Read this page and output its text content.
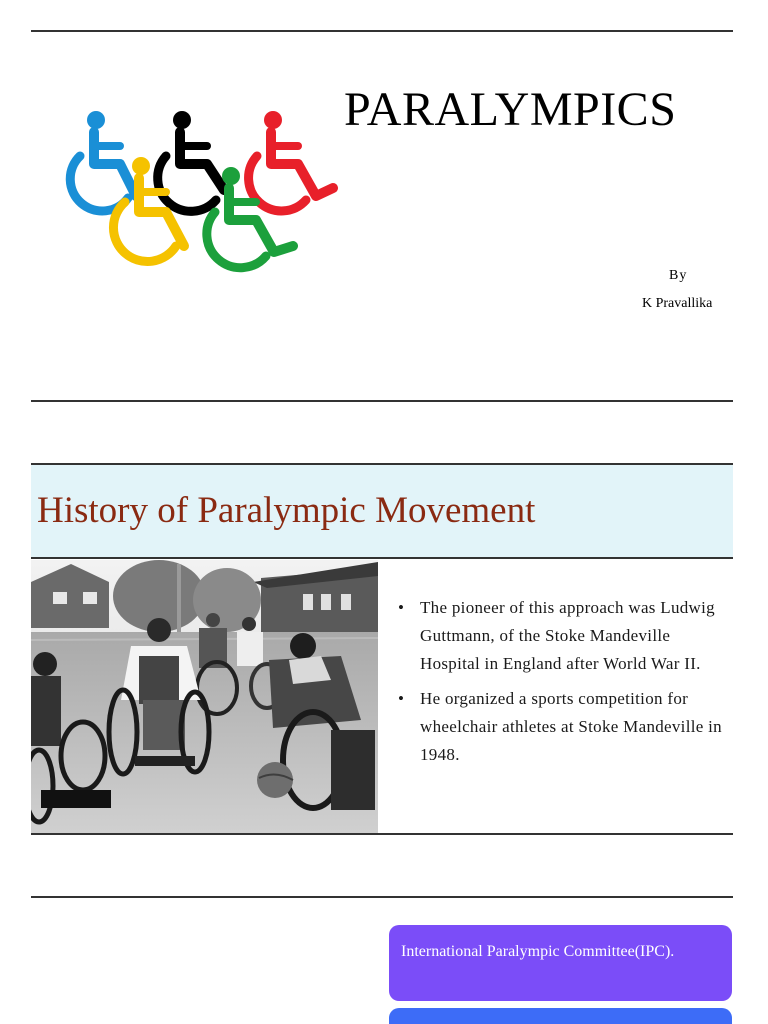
PARALYMPICS
By
K Pravallika
History of Paralympic Movement
• The pioneer of this approach was Ludwig Guttmann, of the Stoke Mandeville Hospital in England after World War II.
• He organized a sports competition for wheelchair athletes at Stoke Mandeville in 1948.
International Paralympic Committee(IPC).
